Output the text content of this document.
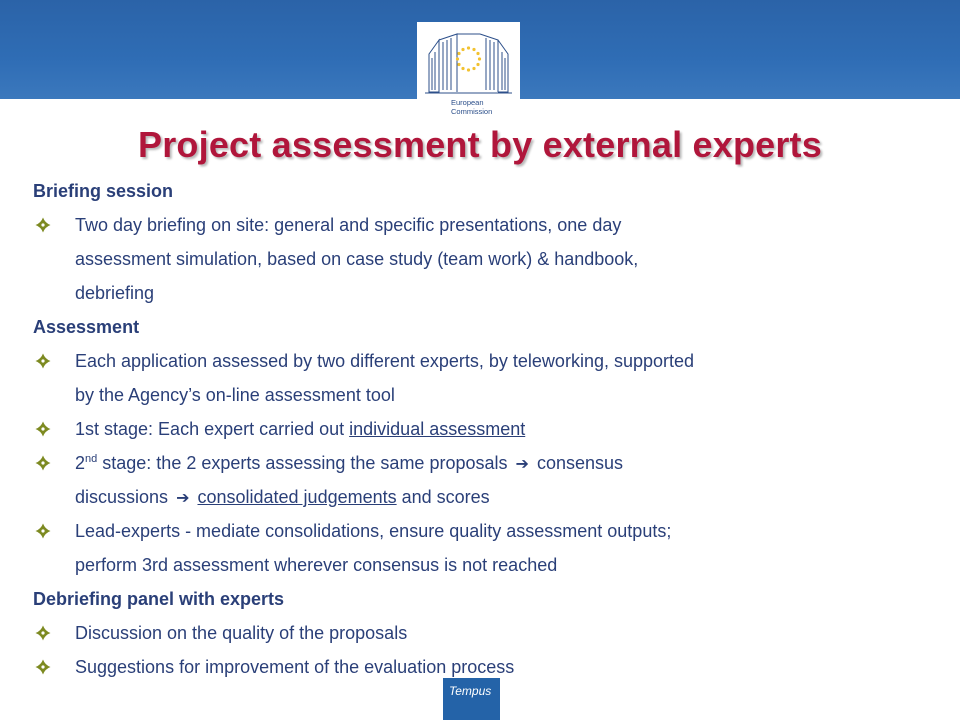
European
Commission
Project assessment by external experts
Briefing session
Two day briefing on site: general and specific presentations, one day
assessment simulation, based on case study (team work) & handbook,
debriefing
Assessment
Each application assessed by two different experts, by teleworking, supported
by the Agency’s on-line assessment tool
1st stage: Each expert carried out individual assessment
2nd stage: the 2 experts assessing the same proposals ➔ consensus
discussions ➔ consolidated judgements and scores
Lead-experts - mediate consolidations, ensure quality assessment outputs;
perform 3rd assessment wherever consensus is not reached
Debriefing panel with experts
Discussion on the quality of the proposals
Suggestions for improvement of the evaluation process
Tempus
